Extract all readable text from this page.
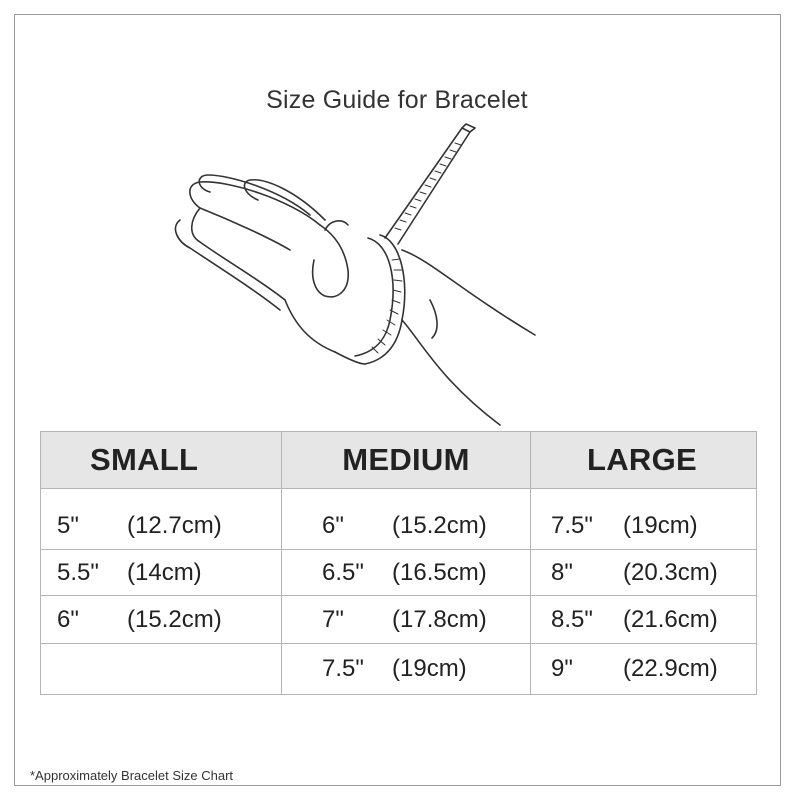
Size Guide for Bracelet
SMALL	MEDIUM	LARGE
5" (12.7cm)	6" (15.2cm)	7.5" (19cm)
5.5" (14cm)	6.5" (16.5cm)	8" (20.3cm)
6" (15.2cm)	7" (17.8cm)	8.5" (21.6cm)
	7.5" (19cm)	9" (22.9cm)
*Approximately Bracelet Size Chart
